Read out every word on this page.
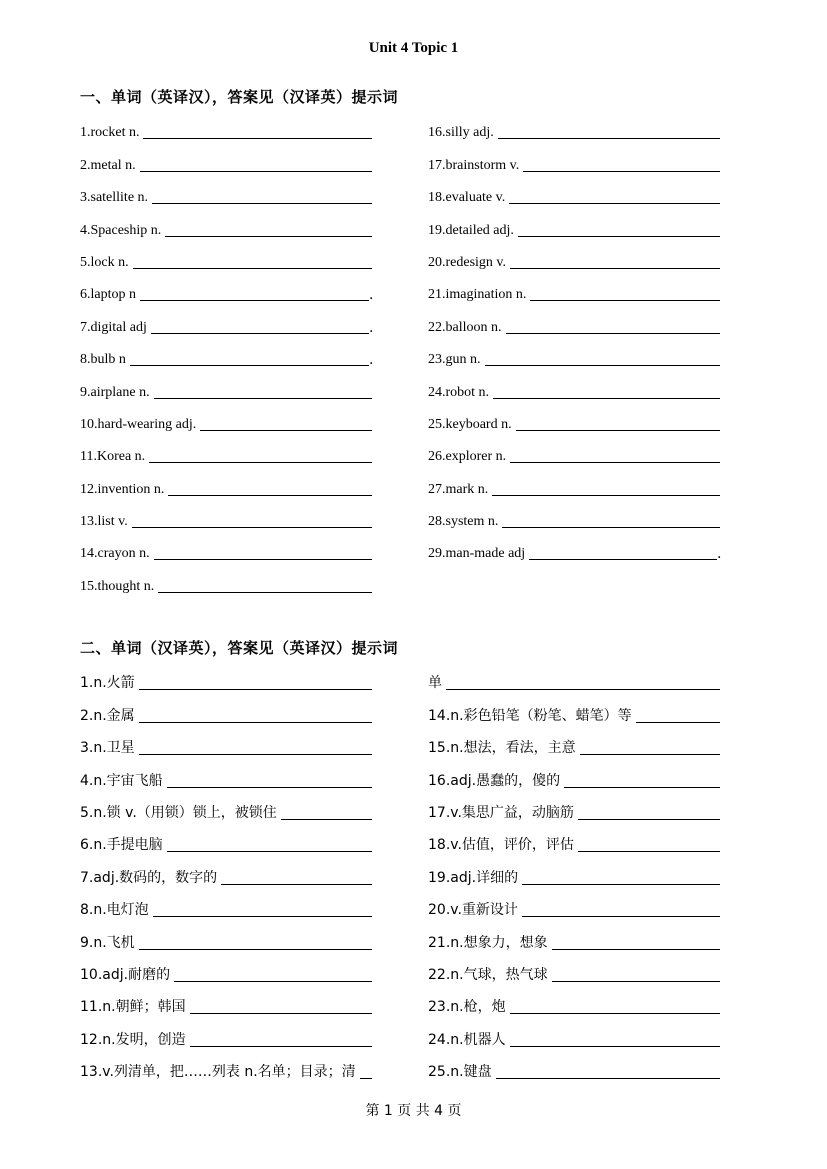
Unit 4 Topic 1
一、单词（英译汉），答案见（汉译英）提示词
1.rocket n.
2.metal n.
3.satellite n.
4.Spaceship n.
5.lock n.
6.laptop n	.
7.digital adj	.
8.bulb n	.
9.airplane n.
10.hard-wearing adj.
11.Korea n.
12.invention n.
13.list v.
14.crayon n.
15.thought n.
16.silly adj.
17.brainstorm v.
18.evaluate v.
19.detailed adj.
20.redesign v.
21.imagination n.
22.balloon n.
23.gun n.
24.robot n.
25.keyboard n.
26.explorer n.
27.mark n.
28.system n.
29.man-made adj	.
二、单词（汉译英），答案见（英译汉）提示词
1.n.火箭
2.n.金属
3.n.卫星
4.n.宇宙飞船
5.n.锁 v.（用锁）锁上，被锁住
6.n.手提电脑
7.adj.数码的，数字的
8.n.电灯泡
9.n.飞机
10.adj.耐磨的
11.n.朝鲜；韩国
12.n.发明，创造
13.v.列清单，把……列表 n.名单；目录；清
单
14.n.彩色铅笔（粉笔、蜡笔）等
15.n.想法，看法，主意
16.adj.愚蠢的，傻的
17.v.集思广益，动脑筋
18.v.估值，评价，评估
19.adj.详细的
20.v.重新设计
21.n.想象力，想象
22.n.气球，热气球
23.n.枪，炮
24.n.机器人
25.n.键盘
第 1 页 共 4 页
